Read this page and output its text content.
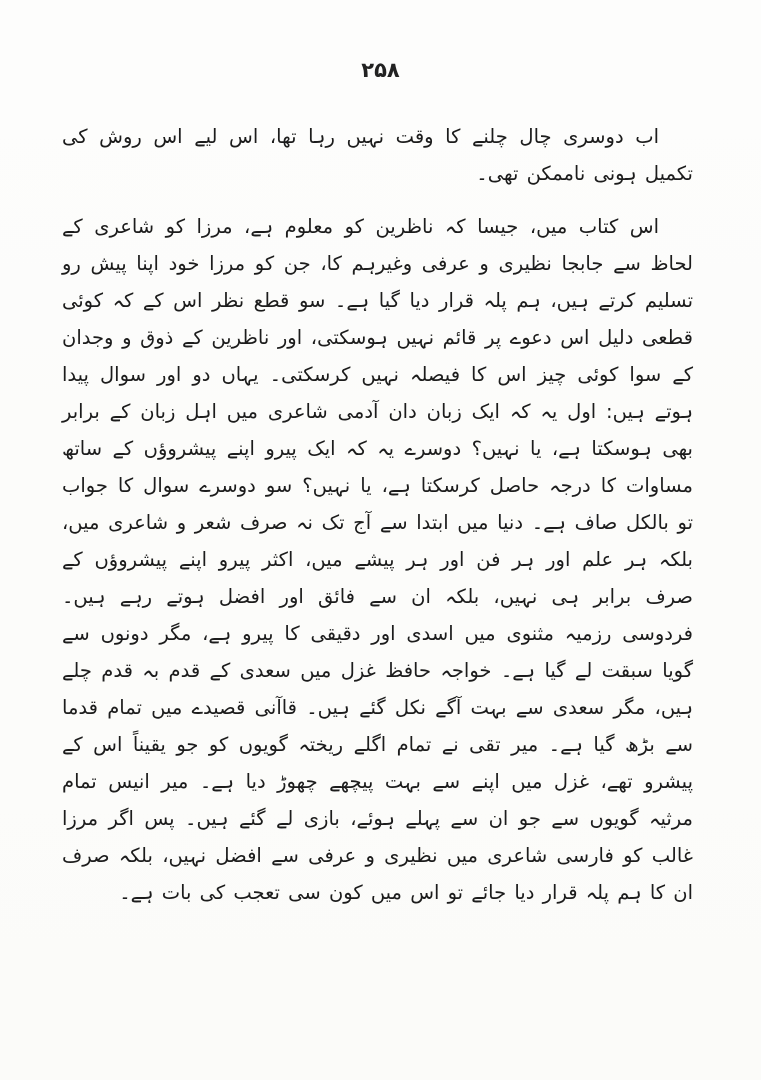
۲۵۸

اب دوسری چال چلنے کا وقت نہیں رہا تھا، اس لیے اس روش کی تکمیل ہونی ناممکن تھی۔

اس کتاب میں، جیسا کہ ناظرین کو معلوم ہے، مرزا کو شاعری کے لحاظ سے جابجا نظیری و عرفی وغیرہم کا، جن کو مرزا خود اپنا پیش رو تسلیم کرتے ہیں، ہم پلہ قرار دیا گیا ہے۔ سو قطع نظر اس کے کہ کوئی قطعی دلیل اس دعوے پر قائم نہیں ہوسکتی، اور ناظرین کے ذوق و وجدان کے سوا کوئی چیز اس کا فیصلہ نہیں کرسکتی۔ یہاں دو اور سوال پیدا ہوتے ہیں: اول یہ کہ ایک زبان دان آدمی شاعری میں اہل زبان کے برابر بھی ہوسکتا ہے، یا نہیں؟ دوسرے یہ کہ ایک پیرو اپنے پیشروؤں کے ساتھ مساوات کا درجہ حاصل کرسکتا ہے، یا نہیں؟ سو دوسرے سوال کا جواب تو بالکل صاف ہے۔ دنیا میں ابتدا سے آج تک نہ صرف شعر و شاعری میں، بلکہ ہر علم اور ہر فن اور ہر پیشے میں، اکثر پیرو اپنے پیشروؤں کے صرف برابر ہی نہیں، بلکہ ان سے فائق اور افضل ہوتے رہے ہیں۔ فردوسی رزمیہ مثنوی میں اسدی اور دقیقی کا پیرو ہے، مگر دونوں سے گویا سبقت لے گیا ہے۔ خواجہ حافظ غزل میں سعدی کے قدم بہ قدم چلے ہیں، مگر سعدی سے بہت آگے نکل گئے ہیں۔ قاآنی قصیدے میں تمام قدما سے بڑھ گیا ہے۔ میر تقی نے تمام اگلے ریختہ گویوں کو جو یقیناً اس کے پیشرو تھے، غزل میں اپنے سے بہت پیچھے چھوڑ دیا ہے۔ میر انیس تمام مرثیہ گویوں سے جو ان سے پہلے ہوئے، بازی لے گئے ہیں۔ پس اگر مرزا غالب کو فارسی شاعری میں نظیری و عرفی سے افضل نہیں، بلکہ صرف ان کا ہم پلہ قرار دیا جائے تو اس میں کون سی تعجب کی بات ہے۔
